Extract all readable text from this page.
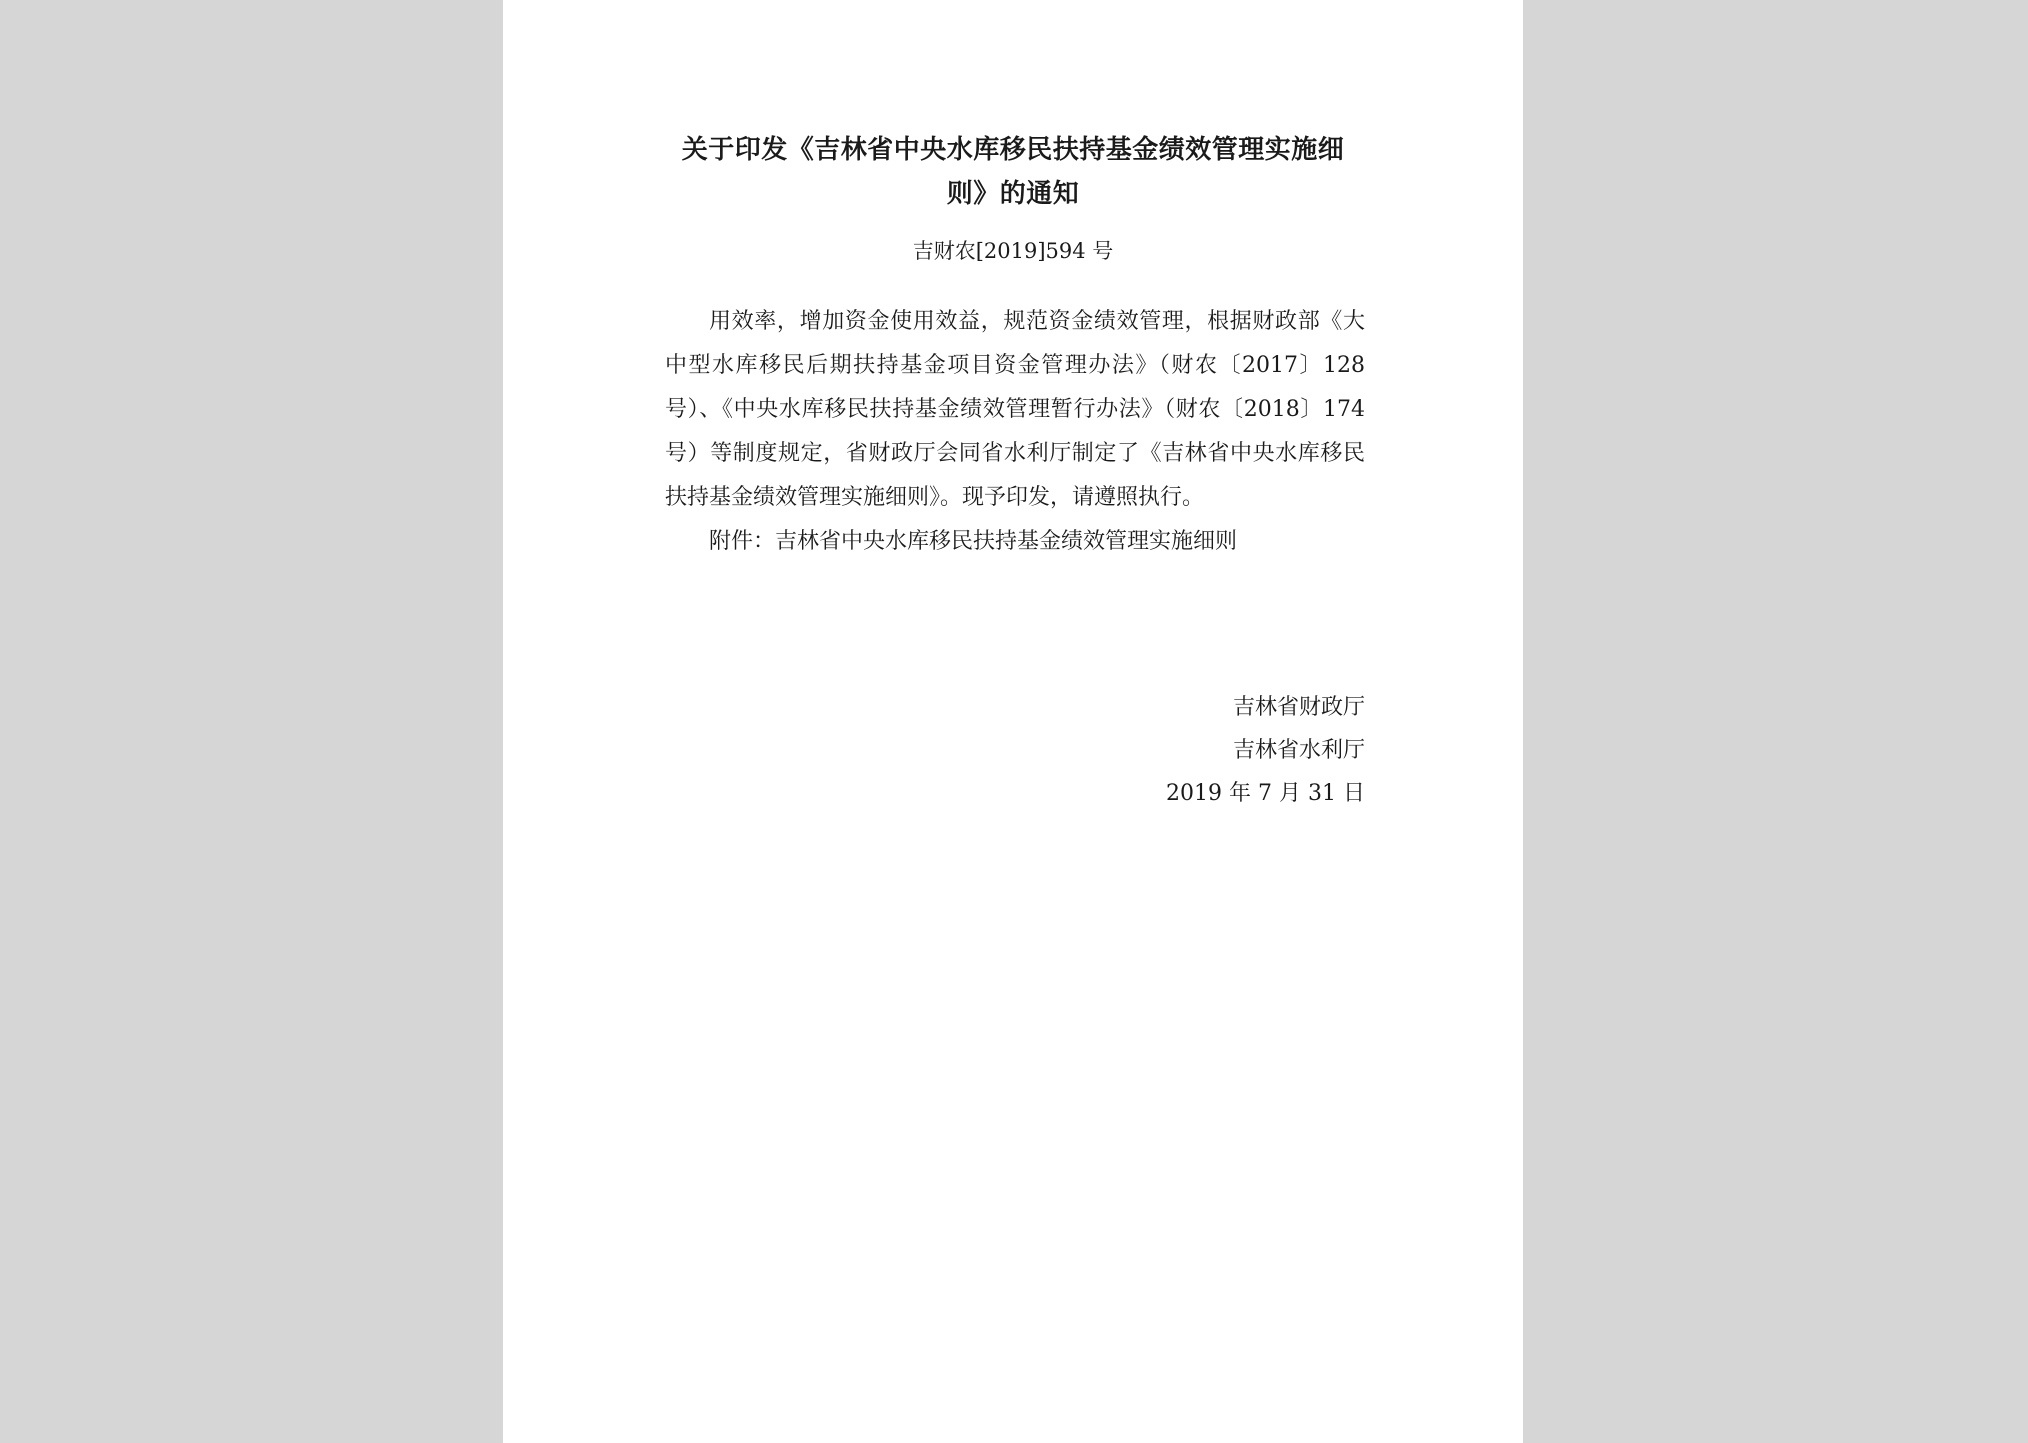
关于印发《吉林省中央水库移民扶持基金绩效管理实施细则》的通知
吉财农[2019]594 号

用效率，增加资金使用效益，规范资金绩效管理，根据财政部《大中型水库移民后期扶持基金项目资金管理办法》（财农〔2017〕128 号）、《中央水库移民扶持基金绩效管理暂行办法》（财农〔2018〕174 号）等制度规定，省财政厅会同省水利厅制定了《吉林省中央水库移民扶持基金绩效管理实施细则》。现予印发，请遵照执行。

附件：吉林省中央水库移民扶持基金绩效管理实施细则

吉林省财政厅
吉林省水利厅
2019 年 7 月 31 日
